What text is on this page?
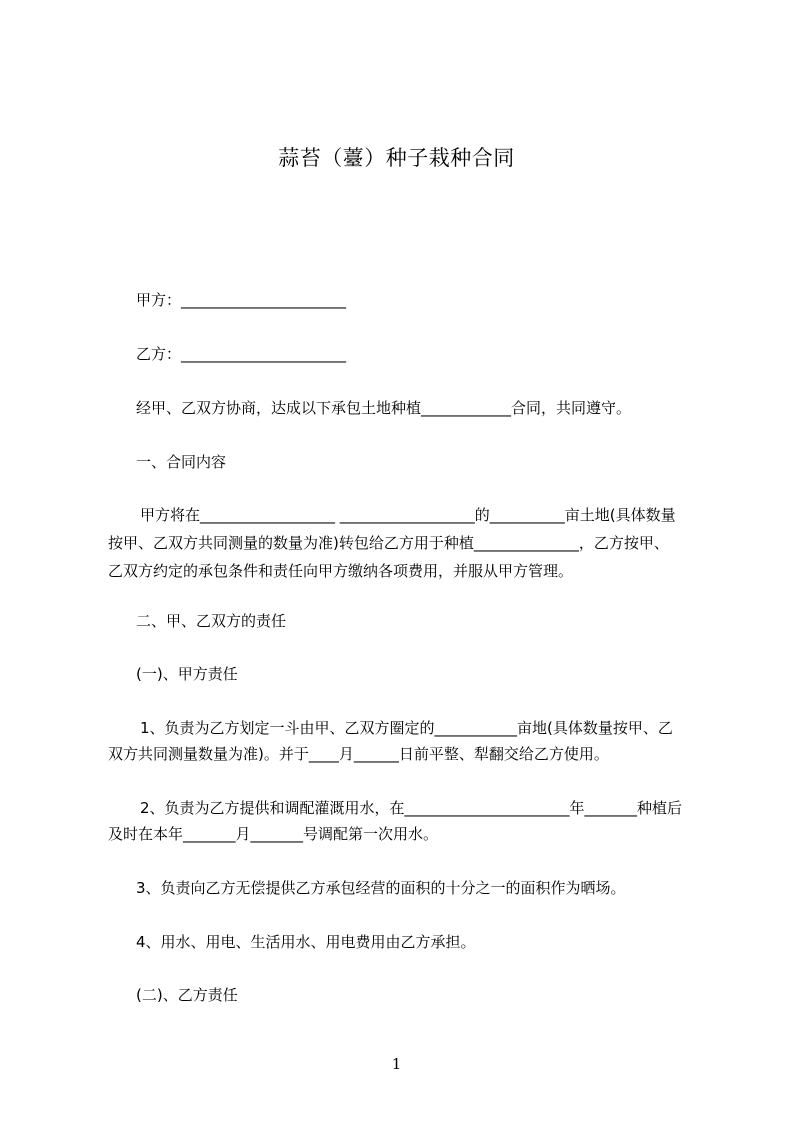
蒜苔（薹）种子栽种合同
甲方：______________________
乙方：______________________
经甲、乙双方协商，达成以下承包土地种植____________合同，共同遵守。
一、合同内容
甲方将在__________________ __________________的__________亩土地(具体数量
按甲、乙双方共同测量的数量为准)转包给乙方用于种植______________，乙方按甲、
乙双方约定的承包条件和责任向甲方缴纳各项费用，并服从甲方管理。
二、甲、乙双方的责任
(一)、甲方责任
1、负责为乙方划定一斗由甲、乙双方圈定的___________亩地(具体数量按甲、乙
双方共同测量数量为准)。并于____月______日前平整、犁翻交给乙方使用。
2、负责为乙方提供和调配灌溉用水，在______________________年_______种植后
及时在本年_______月_______号调配第一次用水。
3、负责向乙方无偿提供乙方承包经营的面积的十分之一的面积作为晒场。
4、用水、用电、生活用水、用电费用由乙方承担。
(二)、乙方责任
1
